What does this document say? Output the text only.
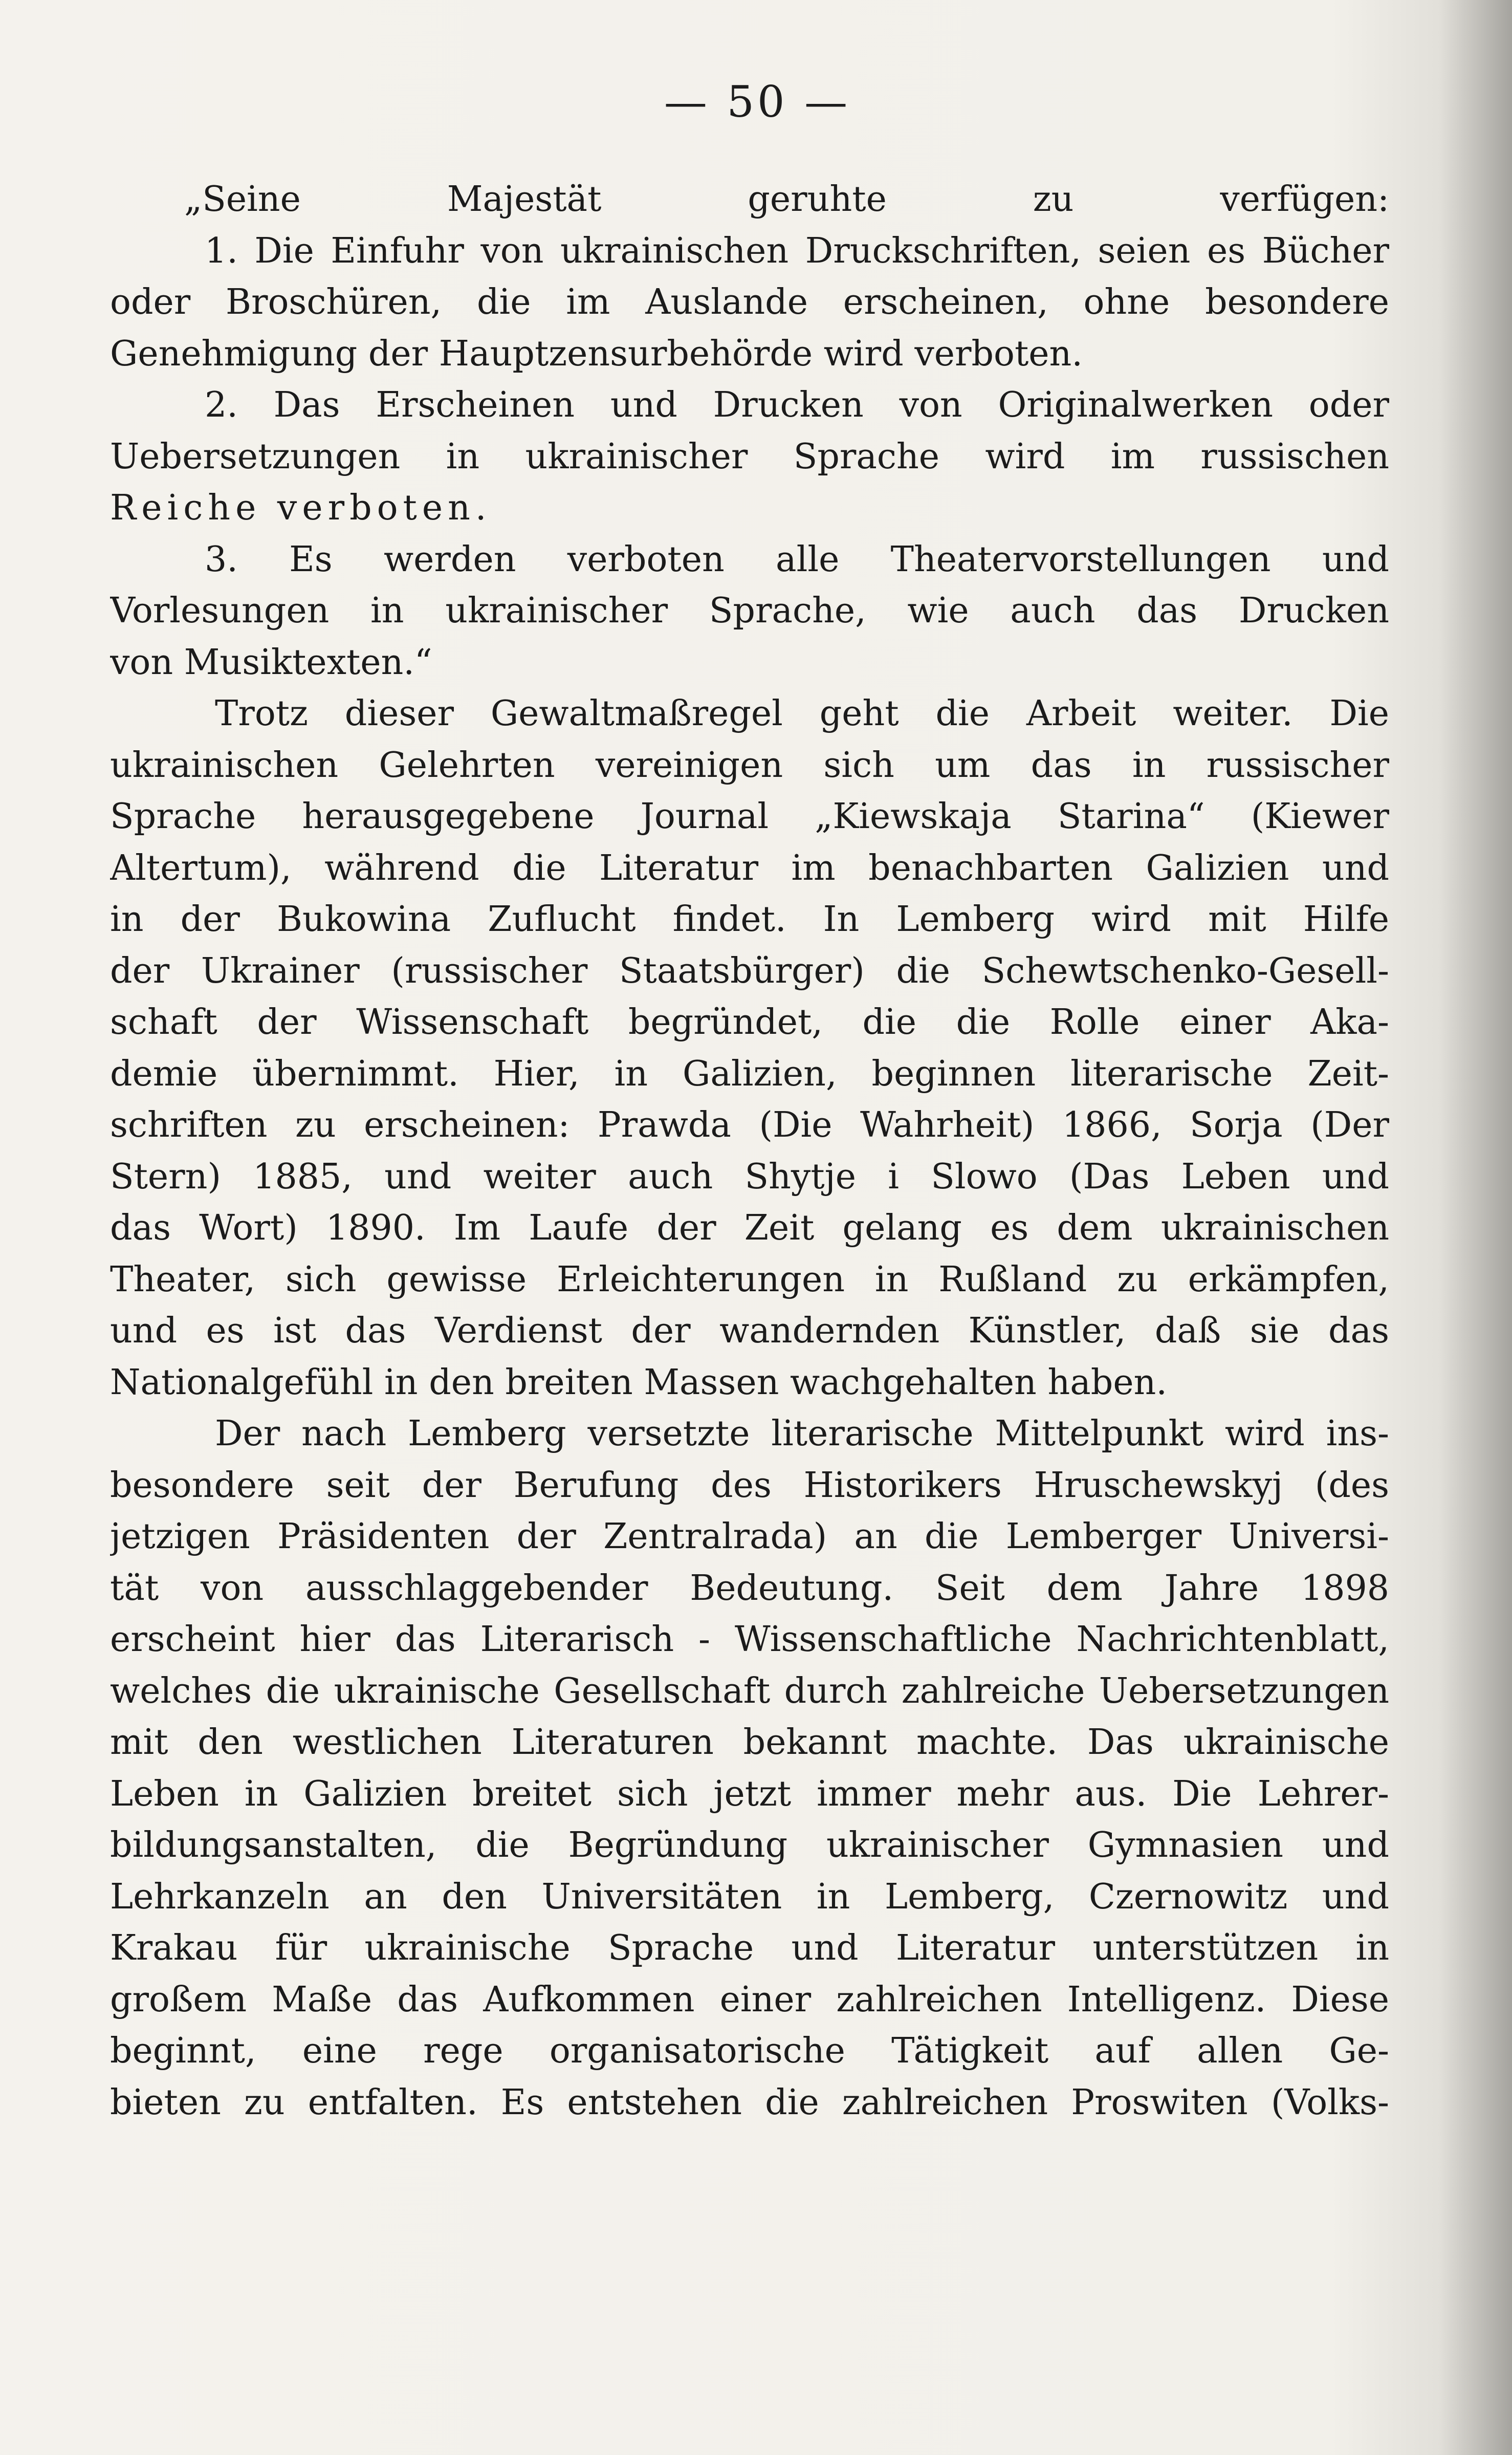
— 50 —
„Seine Majestät geruhte zu verfügen:
1. Die Einfuhr von ukrainischen Druckschriften, seien es Bücher
oder Broschüren, die im Auslande erscheinen, ohne besondere
Genehmigung der Hauptzensurbehörde wird verboten.
2. Das Erscheinen und Drucken von Originalwerken oder
Uebersetzungen in ukrainischer Sprache wird im russischen
Reiche verboten.
3. Es werden verboten alle Theatervorstellungen und
Vorlesungen in ukrainischer Sprache, wie auch das Drucken
von Musiktexten.“
Trotz dieser Gewaltmaßregel geht die Arbeit weiter. Die
ukrainischen Gelehrten vereinigen sich um das in russischer
Sprache herausgegebene Journal „Kiewskaja Starina“ (Kiewer
Altertum), während die Literatur im benachbarten Galizien und
in der Bukowina Zuflucht findet. In Lemberg wird mit Hilfe
der Ukrainer (russischer Staatsbürger) die Schewtschenko-Gesell-
schaft der Wissenschaft begründet, die die Rolle einer Aka-
demie übernimmt. Hier, in Galizien, beginnen literarische Zeit-
schriften zu erscheinen: Prawda (Die Wahrheit) 1866, Sorja (Der
Stern) 1885, und weiter auch Shytje i Slowo (Das Leben und
das Wort) 1890. Im Laufe der Zeit gelang es dem ukrainischen
Theater, sich gewisse Erleichterungen in Rußland zu erkämpfen,
und es ist das Verdienst der wandernden Künstler, daß sie das
Nationalgefühl in den breiten Massen wachgehalten haben.
Der nach Lemberg versetzte literarische Mittelpunkt wird ins-
besondere seit der Berufung des Historikers Hruschewskyj (des
jetzigen Präsidenten der Zentralrada) an die Lemberger Universi-
tät von ausschlaggebender Bedeutung. Seit dem Jahre 1898
erscheint hier das Literarisch - Wissenschaftliche Nachrichtenblatt,
welches die ukrainische Gesellschaft durch zahlreiche Uebersetzungen
mit den westlichen Literaturen bekannt machte. Das ukrainische
Leben in Galizien breitet sich jetzt immer mehr aus. Die Lehrer-
bildungsanstalten, die Begründung ukrainischer Gymnasien und
Lehrkanzeln an den Universitäten in Lemberg, Czernowitz und
Krakau für ukrainische Sprache und Literatur unterstützen in
großem Maße das Aufkommen einer zahlreichen Intelligenz. Diese
beginnt, eine rege organisatorische Tätigkeit auf allen Ge-
bieten zu entfalten. Es entstehen die zahlreichen Proswiten (Volks-
